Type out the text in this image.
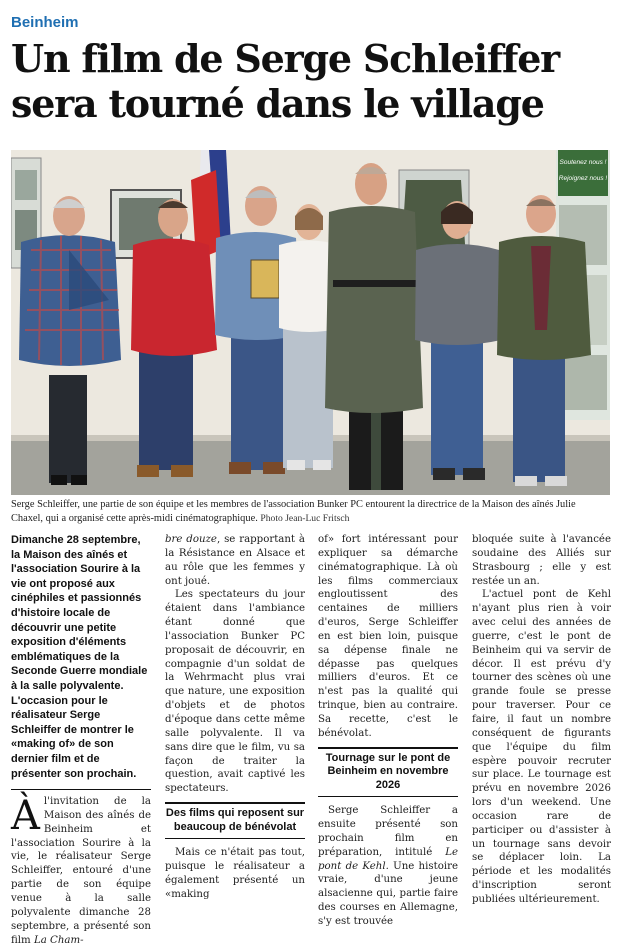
Beinheim
Un film de Serge Schleiffer sera tourné dans le village
Soutenez nous !
Rejoignez nous !
Serge Schleiffer, une partie de son équipe et les membres de l'association Bunker PC entourent la directrice de la Maison des aînés Julie Chaxel, qui a organisé cette après-midi cinématographique. Photo Jean-Luc Fritsch

Dimanche 28 septembre, la Maison des aînés et l'association Sourire à la vie ont proposé aux cinéphiles et passionnés d'histoire locale de découvrir une petite exposition d'éléments emblématiques de la Seconde Guerre mondiale à la salle polyvalente. L'occasion pour le réalisateur Serge Schleiffer de montrer le «making of» de son dernier film et de présenter son prochain.

Àl'invitation de la Maison des aînés de Beinheim et l'association Sourire à la vie, le réalisateur Serge Schleiffer, entouré d'une partie de son équipe venue à la salle polyvalente dimanche 28 septembre, a présenté son film La Cham-

bre douze, se rapportant à la Résistance en Alsace et au rôle que les femmes y ont joué.

Les spectateurs du jour étaient dans l'ambiance étant donné que l'association Bunker PC proposait de découvrir, en compagnie d'un soldat de la Wehrmacht plus vrai que nature, une exposition d'objets et de photos d'époque dans cette même salle polyvalente. Il va sans dire que le film, vu sa façon de traiter la question, avait captivé les spectateurs.

Des films qui reposent sur beaucoup de bénévolat

Mais ce n'était pas tout, puisque le réalisateur a également présenté un «making

of» fort intéressant pour expliquer sa démarche cinématographique. Là où les films commerciaux engloutissent des centaines de milliers d'euros, Serge Schleiffer en est bien loin, puisque sa dépense finale ne dépasse pas quelques milliers d'euros. Et ce n'est pas la qualité qui trinque, bien au contraire. Sa recette, c'est le bénévolat.

Tournage sur le pont de Beinheim en novembre 2026

Serge Schleiffer a ensuite présenté son prochain film en préparation, intitulé Le pont de Kehl. Une histoire vraie, d'une jeune alsacienne qui, partie faire des courses en Allemagne, s'y est trouvée

bloquée suite à l'avancée soudaine des Alliés sur Strasbourg ; elle y est restée un an.

L'actuel pont de Kehl n'ayant plus rien à voir avec celui des années de guerre, c'est le pont de Beinheim qui va servir de décor. Il est prévu d'y tourner des scènes où une grande foule se presse pour traverser. Pour ce faire, il faut un nombre conséquent de figurants que l'équipe du film espère pouvoir recruter sur place. Le tournage est prévu en novembre 2026 lors d'un weekend. Une occasion rare de participer ou d'assister à un tournage sans devoir se déplacer loin. La période et les modalités d'inscription seront publiées ultérieurement.
